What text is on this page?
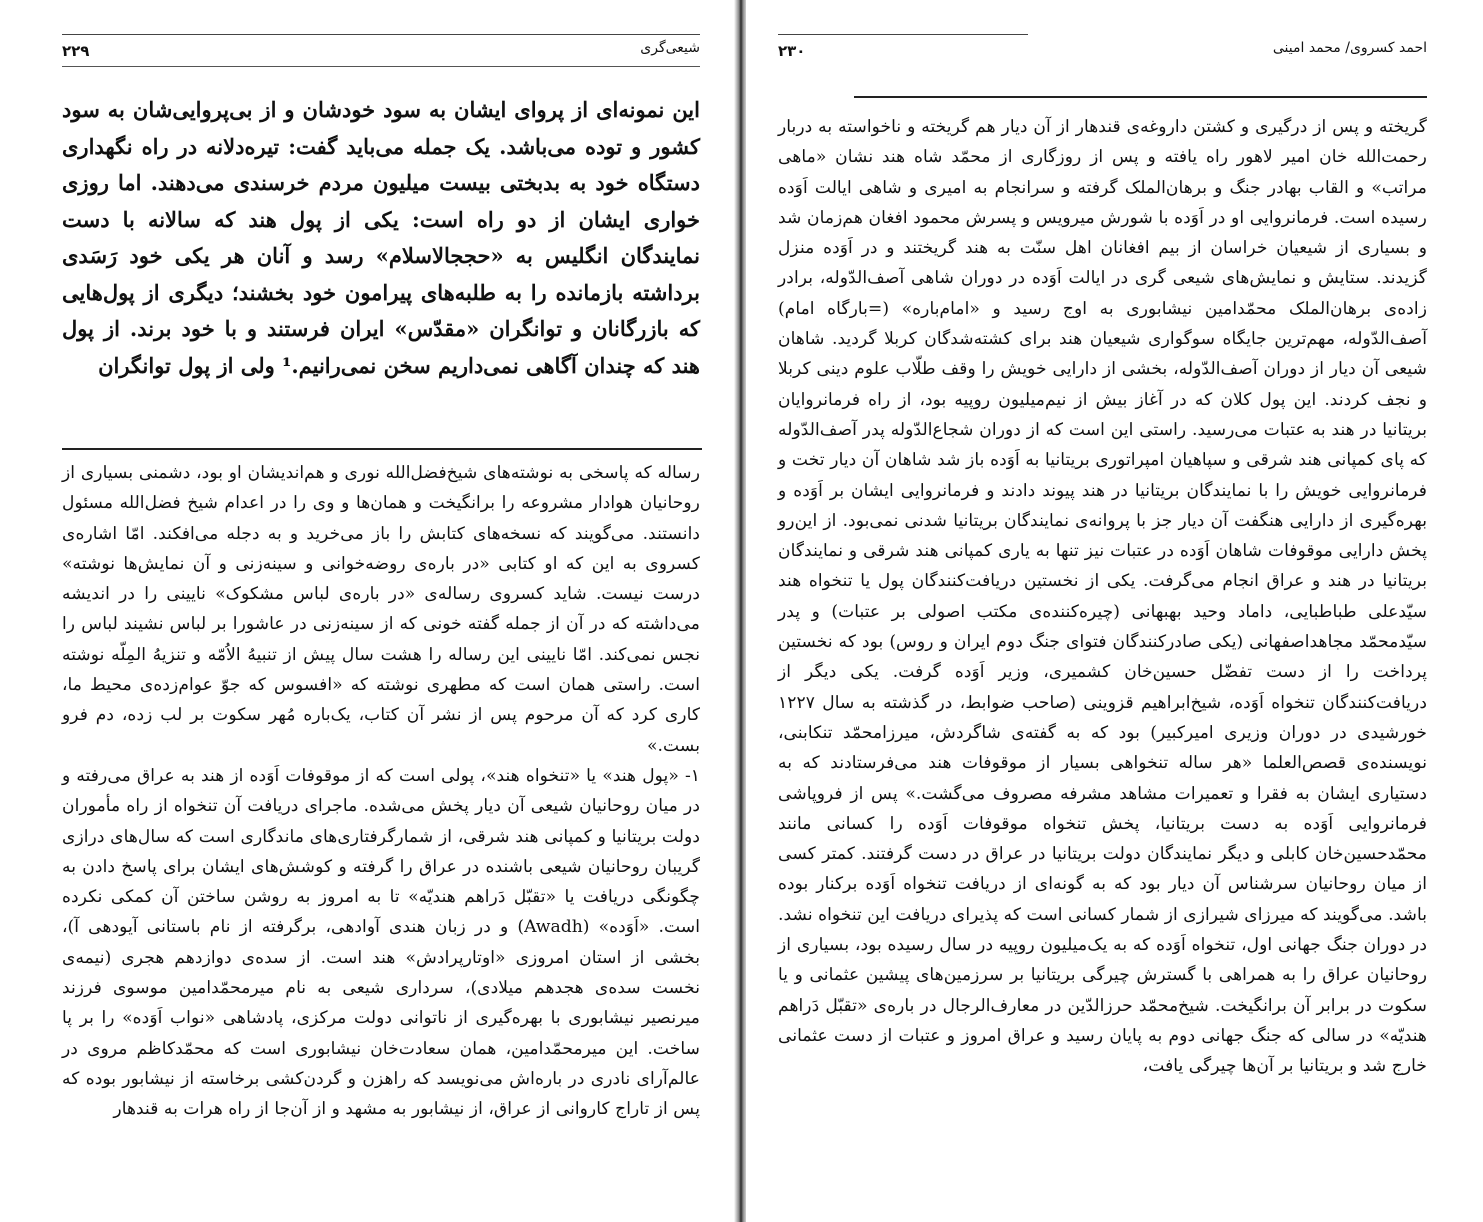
شیعی‌گری
۲۲۹

این نمونه‌ای از پروای ایشان به سود خودشان و از بی‌پروایی‌شان به سود کشور و توده می‌باشد. یک جمله می‌باید گفت: تیره‌دلانه در راه نگهداری دستگاه خود به بدبختی بیست میلیون مردم خرسندی می‌دهند. اما روزی خواری ایشان از دو راه است: یکی از پول هند که سالانه با دست نمایندگان انگلیس به «حججالاسلام» رسد و آنان هر یکی خود رَسَدی برداشته بازمانده را به طلبه‌های پیرامون خود بخشند؛ دیگری از پول‌هایی که بازرگانان و توانگران «مقدّس» ایران فرستند و با خود برند. از پول هند که چندان آگاهی نمی‌داریم سخن نمی‌رانیم.¹ ولی از پول توانگران

رساله که پاسخی به نوشته‌های شیخ‌فضل‌الله نوری و هم‌اندیشان او بود، دشمنی بسیاری از روحانیان هوادار مشروعه را برانگیخت و همان‌ها و وی را در اعدام شیخ فضل‌الله مسئول دانستند. می‌گویند که نسخه‌های کتابش را باز می‌خرید و به دجله می‌افکند. امّا اشاره‌ی کسروی به این که او کتابی «در باره‌ی روضه‌خوانی و سینه‌زنی و آن نمایش‌ها نوشته» درست نیست. شاید کسروی رساله‌ی «در باره‌ی لباس مشکوک» نایینی را در اندیشه می‌داشته که در آن از جمله گفته خونی که از سینه‌زنی در عاشورا بر لباس نشیند لباس را نجس نمی‌کند. امّا نایینی این رساله را هشت سال پیش از تنبیهُ الاُمّه و تنزیهُ المِلّه نوشته است. راستی همان است که مطهری نوشته که «افسوس که جوّ عوام‌زده‌ی محیط ما، کاری کرد که آن مرحوم پس از نشر آن کتاب، یک‌باره مُهر سکوت بر لب زده، دم فرو بست.»

۱- «پول هند» یا «تنخواه هند»، پولی است که از موقوفات اَوَده از هند به عراق می‌رفته و در میان روحانیان شیعی آن دیار پخش می‌شده. ماجرای دریافت آن تنخواه از راه مأموران دولت بریتانیا و کمپانی هند شرقی، از شمارگرفتاری‌های ماندگاری است که سال‌های درازی گریبان روحانیان شیعی باشنده در عراق را گرفته و کوشش‌های ایشان برای پاسخ دادن به چگونگی دریافت یا «تقبّل دَراهم هندیّه» تا به امروز به روشن ساختن آن کمکی نکرده است. «اَوَده» (Awadh) و در زبان هندی آوادهی، برگرفته از نام باستانی آیودهی آ)، بخشی از استان امروزی «اوتارپرادش» هند است. از سده‌ی دوازدهم هجری (نیمه‌ی نخست سده‌ی هجدهم میلادی)، سرداری شیعی به نام میرمحمّدامین موسوی فرزند میرنصیر نیشابوری با بهره‌گیری از ناتوانی دولت مرکزی، پادشاهی «نواب اَوَده» را بر پا ساخت. این میرمحمّدامین، همان سعادت‌خان نیشابوری است که محمّدکاظم مروی در عالم‌آرای نادری در باره‌اش می‌نویسد که راهزن و گردن‌کشی برخاسته از نیشابور بوده که پس از تاراج کاروانی از عراق، از نیشابور به مشهد و از آن‌جا از راه هرات به قندهار

احمد کسروی/ محمد امینی
۲۳۰

گریخته و پس از درگیری و کشتن داروغه‌ی قندهار از آن دیار هم گریخته و ناخواسته به دربار رحمت‌الله خان امیر لاهور راه یافته و پس از روزگاری از محمّد شاه هند نشان «ماهی مراتب» و القاب بهادر جنگ و برهان‌الملک گرفته و سرانجام به امیری و شاهی ایالت اَوَده رسیده است. فرمانروایی او در اَوَده با شورش میرویس و پسرش محمود افغان هم‌زمان شد و بسیاری از شیعیان خراسان از بیم افغانان اهل سنّت به هند گریختند و در اَوَده منزل گزیدند. ستایش و نمایش‌های شیعی گری در ایالت اَوَده در دوران شاهی آصف‌الدّوله، برادر زاده‌ی برهان‌الملک محمّدامین نیشابوری به اوج رسید و «امام‌باره» (=بارگاه امام) آصف‌الدّوله، مهم‌ترین جایگاه سوگواری شیعیان هند برای کشته‌شدگان کربلا گردید. شاهان شیعی آن دیار از دوران آصف‌الدّوله، بخشی از دارایی خویش را وقف طلّاب علوم دینی کربلا و نجف کردند. این پول کلان که در آغاز بیش از نیم‌میلیون روپیه بود، از راه فرمانروایان بریتانیا در هند به عتبات می‌رسید. راستی این است که از دوران شجاع‌الدّوله پدر آصف‌الدّوله که پای کمپانی هند شرقی و سپاهیان امپراتوری بریتانیا به اَوَده باز شد شاهان آن دیار تخت و فرمانروایی خویش را با نمایندگان بریتانیا در هند پیوند دادند و فرمانروایی ایشان بر اَوَده و بهره‌گیری از دارایی هنگفت آن دیار جز با پروانه‌ی نمایندگان بریتانیا شدنی نمی‌بود. از این‌رو پخش دارایی موقوفات شاهان اَوَده در عتبات نیز تنها به یاری کمپانی هند شرقی و نمایندگان بریتانیا در هند و عراق انجام می‌گرفت. یکی از نخستین دریافت‌کنندگان پول یا تنخواه هند سیّدعلی طباطبایی، داماد وحید بهبهانی (چیره‌کننده‌ی مکتب اصولی بر عتبات) و پدر سیّدمحمّد مجاهداصفهانی (یکی صادرکنندگان فتوای جنگ دوم ایران و روس) بود که نخستین پرداخت را از دست تفضّل حسین‌خان کشمیری، وزیر اَوَده گرفت. یکی دیگر از دریافت‌کنندگان تنخواه اَوَده، شیخ‌ابراهیم قزوینی (صاحب ضوابط، در گذشته به سال ۱۲۲۷ خورشیدی در دوران وزیری امیرکبیر) بود که به گفته‌ی شاگردش، میرزامحمّد تنکابنی، نویسنده‌ی قصص‌العلما «هر ساله تنخواهی بسیار از موقوفات هند می‌فرستادند که به دستیاری ایشان به فقرا و تعمیرات مشاهد مشرفه مصروف می‌گشت.» پس از فروپاشی فرمانروایی اَوَده به دست بریتانیا، پخش تنخواه موقوفات اَوَده را کسانی مانند محمّدحسین‌خان کابلی و دیگر نمایندگان دولت بریتانیا در عراق در دست گرفتند. کمتر کسی از میان روحانیان سرشناس آن دیار بود که به گونه‌ای از دریافت تنخواه اَوَده برکنار بوده باشد. می‌گویند که میرزای شیرازی از شمار کسانی است که پذیرای دریافت این تنخواه نشد. در دوران جنگ جهانی اول، تنخواه اَوَده که به یک‌میلیون روپیه در سال رسیده بود، بسیاری از روحانیان عراق را به همراهی با گسترش چیرگی بریتانیا بر سرزمین‌های پیشین عثمانی و یا سکوت در برابر آن برانگیخت. شیخ‌محمّد حرزالدّین در معارف‌الرجال در باره‌ی «تقبّل دَراهم هندیّه» در سالی که جنگ جهانی دوم به پایان رسید و عراق امروز و عتبات از دست عثمانی خارج شد و بریتانیا بر آن‌ها چیرگی یافت،
